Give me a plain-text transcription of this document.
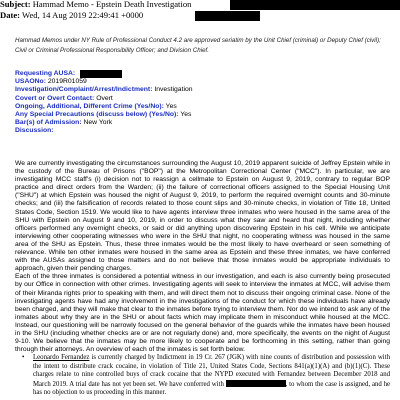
Subject: Hammad Memo - Epstein Death Investigation
Date: Wed, 14 Aug 2019 22:49:41 +0000
Hammad Memos under NY Rule of Professional Conduct 4.2 are approved seriatim by the Unit Chief (criminal) or Deputy Chief (civil); Civil or Criminal Professional Responsibility Officer; and Division Chief.
Requesting AUSA:
USAONo: 2019R01059
Investigation/Complaint/Arrest/Indictment: Investigation
Covert or Overt Contact: Overt
Ongoing, Additional, Different Crime (Yes/No): Yes
Any Special Precautions (discuss below) (Yes/No): Yes
Bar(s) of Admission: New York
Discussion:

We are currently investigating the circumstances surrounding the August 10, 2019 apparent suicide of Jeffrey Epstein while in the custody of the Bureau of Prisons ("BOP") at the Metropolitan Correctional Center ("MCC"). In particular, we are investigating MCC staff's (i) decision not to reassign a cellmate to Epstein on August 9, 2019, contrary to regular BOP practice and direct orders from the Warden; (ii) the failure of correctional officers assigned to the Special Housing Unit ("SHU") at which Epstein was housed the night of August 9, 2019, to perform the required overnight counts and 30-minute checks; and (iii) the falsification of records related to those count slips and 30-minute checks, in violation of Title 18, United States Code, Section 1519. We would like to have agents interview three inmates who were housed in the same area of the SHU with Epstein on August 9 and 10, 2019, in order to discuss what they saw and heard that night, including whether officers performed any overnight checks, or said or did anything upon discovering Epstein in his cell. While we anticipate interviewing other cooperating witnesses who were in the SHU that night, no cooperating witness was housed in the same area of the SHU as Epstein. Thus, these three inmates would be the most likely to have overheard or seen something of relevance. While ten other inmates were housed in the same area as Epstein and these three inmates, we have conferred with the AUSAs assigned to those matters and do not believe that those inmates would be appropriate individuals to approach, given their pending charges.

Each of the three inmates is considered a potential witness in our investigation, and each is also currently being prosecuted by our Office in connection with other crimes. Investigating agents will seek to interview the inmates at MCC, will advise them of their Miranda rights prior to speaking with them, and will direct them not to discuss their ongoing criminal case. None of the investigating agents have had any involvement in the investigations of the conduct for which these individuals have already been charged, and they will make that clear to the inmates before trying to interview them. Nor do we intend to ask any of the inmates about why they are in the SHU or about facts which may implicate them in misconduct while housed at the MCC. Instead, our questioning will be narrowly focused on the general behavior of the guards while the inmates have been housed in the SHU (including whether checks are or are not regularly done) and, more specifically, the events on the night of August 9-10. We believe that the inmates may be more likely to cooperate and be forthcoming in this setting, rather than going through their attorneys. An overview of each of the inmates is set forth below.

• Leonardo Fernandez is currently charged by Indictment in 19 Cr. 267 (JGK) with nine counts of distribution and possession with the intent to distribute crack cocaine, in violation of Title 21, United States Code, Sections 841(a)(1)(A) and (b)(1)(C). These charges relate to nine controlled buys of crack cocaine that the NYPD executed with Fernandez between December 2018 and March 2019. A trial date has not yet been set. We have conferred with	, to whom the case is assigned, and he has no objection to us proceeding in this manner.
